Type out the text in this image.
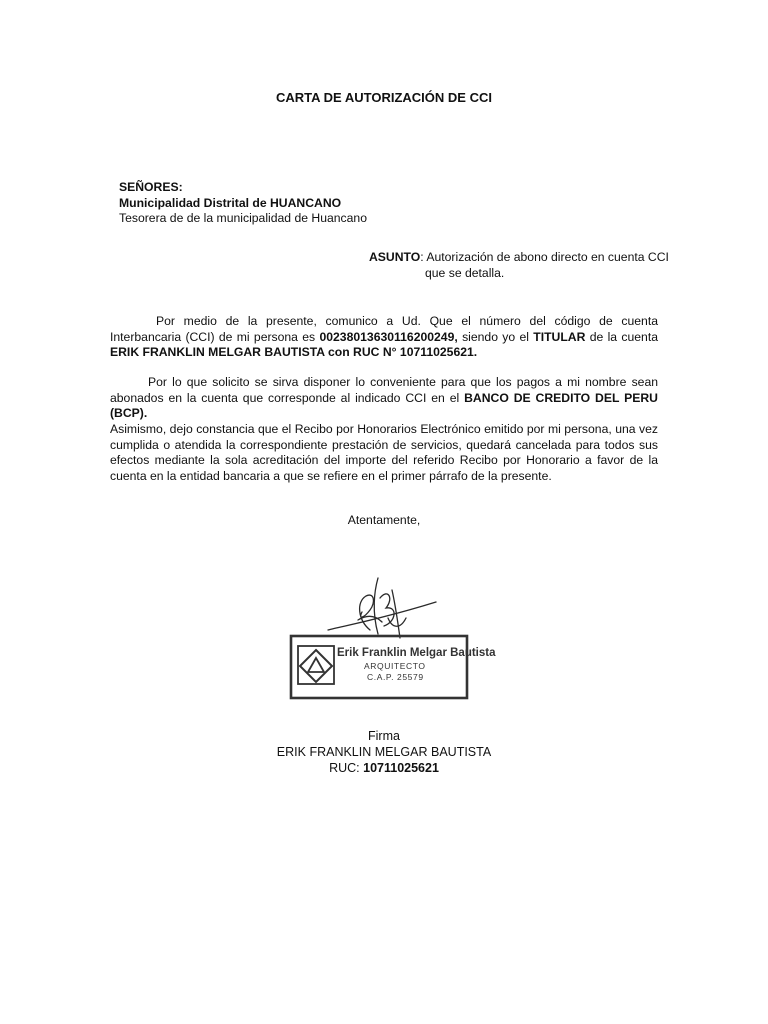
CARTA DE AUTORIZACIÓN DE CCI
SEÑORES:
Municipalidad Distrital de HUANCANO
Tesorera de de la municipalidad de Huancano
ASUNTO: Autorización de abono directo en cuenta CCI
que se detalla.
Por medio de la presente, comunico a Ud. Que el número del código de cuenta Interbancaria (CCI) de mi persona es 00238013630116200249, siendo yo el TITULAR de la cuenta ERIK FRANKLIN MELGAR BAUTISTA con RUC N° 10711025621.
Por lo que solicito se sirva disponer lo conveniente para que los pagos a mi nombre sean abonados en la cuenta que corresponde al indicado CCI en el BANCO DE CREDITO DEL PERU (BCP).
Asimismo, dejo constancia que el Recibo por Honorarios Electrónico emitido por mi persona, una vez cumplida o atendida la correspondiente prestación de servicios, quedará cancelada para todos sus efectos mediante la sola acreditación del importe del referido Recibo por Honorario a favor de la cuenta en la entidad bancaria a que se refiere en el primer párrafo de la presente.
Atentamente,
Erik Franklin Melgar Bautista
ARQUITECTO
C.A.P. 25579
Firma
ERIK FRANKLIN MELGAR BAUTISTA
RUC: 10711025621
